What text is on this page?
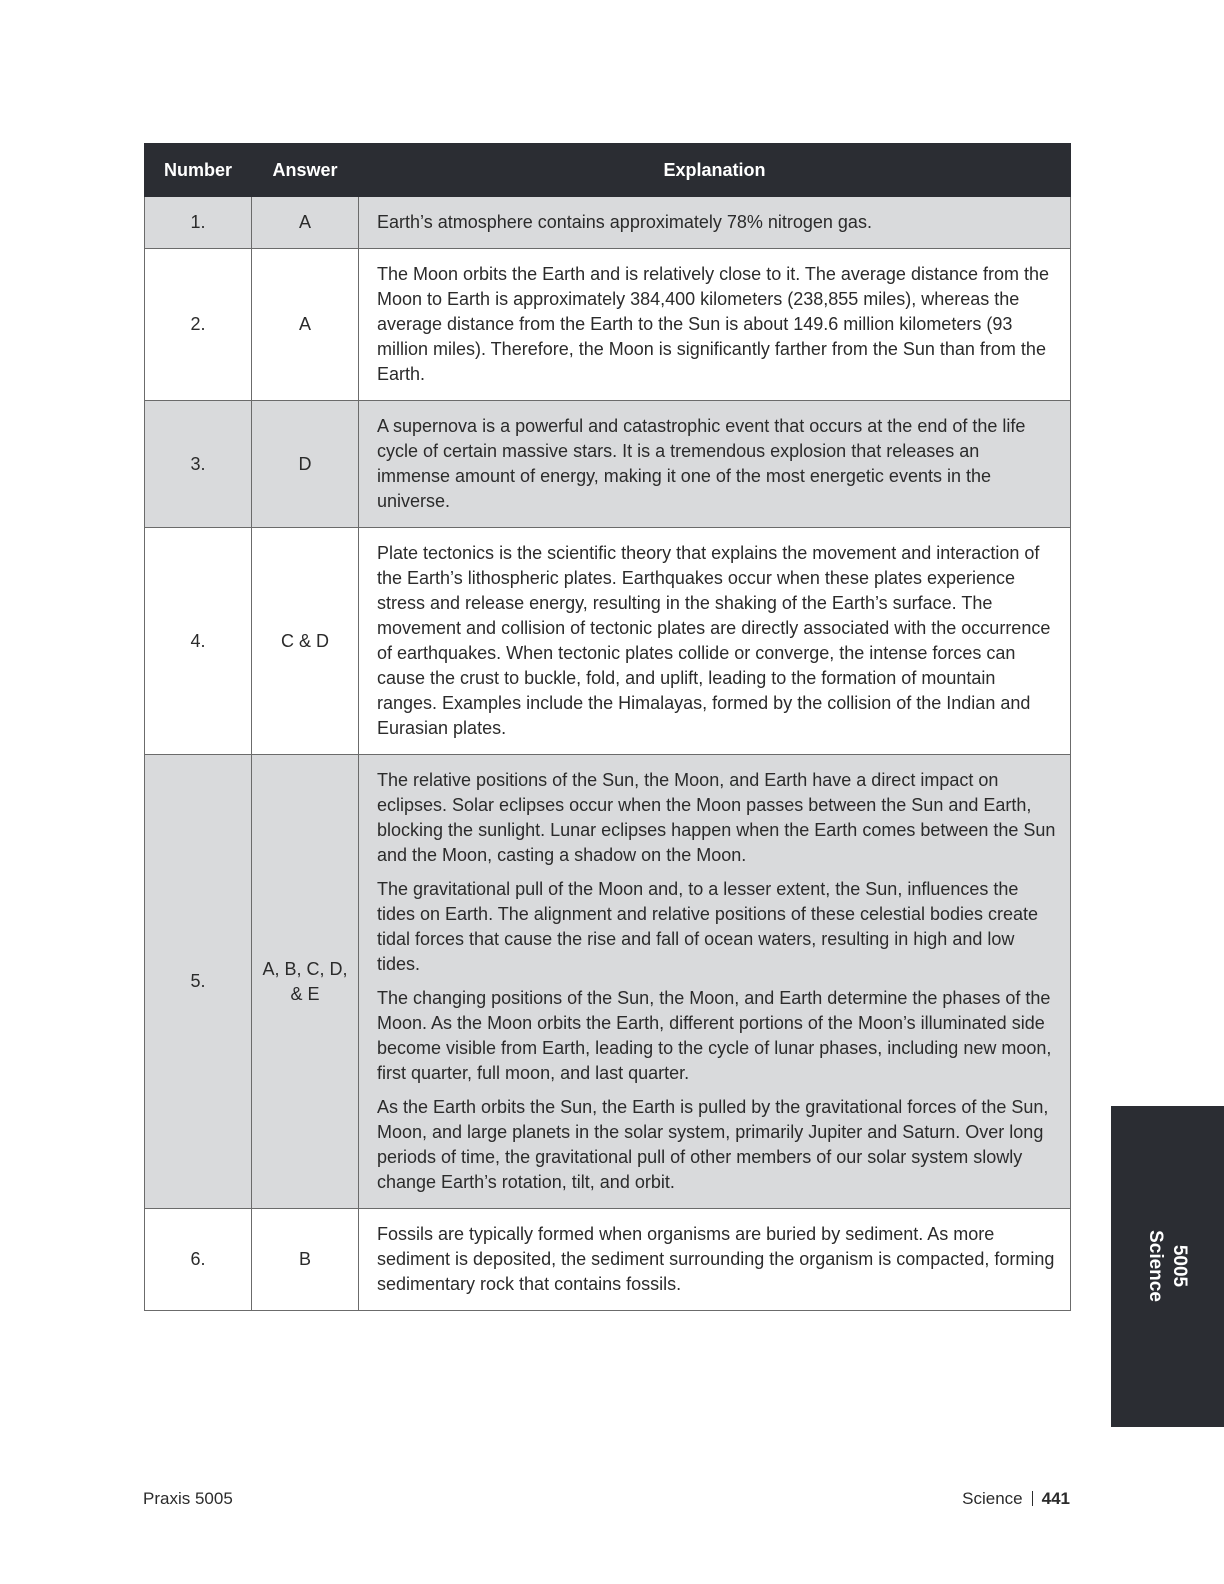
Number	Answer	Explanation
1.	A	Earth’s atmosphere contains approximately 78% nitrogen gas.

2.	A	The Moon orbits the Earth and is relatively close to it. The average distance from the Moon to Earth is approximately 384,400 kilometers (238,855 miles), whereas the average distance from the Earth to the Sun is about 149.6 million kilometers (93 million miles). Therefore, the Moon is significantly farther from the Sun than from the Earth.

3.	D	A supernova is a powerful and catastrophic event that occurs at the end of the life cycle of certain massive stars. It is a tremendous explosion that releases an immense amount of energy, making it one of the most energetic events in the universe.

4.	C & D	Plate tectonics is the scientific theory that explains the movement and interaction of the Earth’s lithospheric plates. Earthquakes occur when these plates experience stress and release energy, resulting in the shaking of the Earth’s surface. The movement and collision of tectonic plates are directly associated with the occurrence of earthquakes. When tectonic plates collide or converge, the intense forces can cause the crust to buckle, fold, and uplift, leading to the formation of mountain ranges. Examples include the Himalayas, formed by the collision of the Indian and Eurasian plates.

5.	A, B, C, D, & E	The relative positions of the Sun, the Moon, and Earth have a direct impact on eclipses. Solar eclipses occur when the Moon passes between the Sun and Earth, blocking the sunlight. Lunar eclipses happen when the Earth comes between the Sun and the Moon, casting a shadow on the Moon.

The gravitational pull of the Moon and, to a lesser extent, the Sun, influences the tides on Earth. The alignment and relative positions of these celestial bodies create tidal forces that cause the rise and fall of ocean waters, resulting in high and low tides.

The changing positions of the Sun, the Moon, and Earth determine the phases of the Moon. As the Moon orbits the Earth, different portions of the Moon’s illuminated side become visible from Earth, leading to the cycle of lunar phases, including new moon, first quarter, full moon, and last quarter.

As the Earth orbits the Sun, the Earth is pulled by the gravitational forces of the Sun, Moon, and large planets in the solar system, primarily Jupiter and Saturn. Over long periods of time, the gravitational pull of other members of our solar system slowly change Earth’s rotation, tilt, and orbit.

6.	B	Fossils are typically formed when organisms are buried by sediment. As more sediment is deposited, the sediment surrounding the organism is compacted, forming sedimentary rock that contains fossils.	5005
Science
Praxis 5005	Science 441
